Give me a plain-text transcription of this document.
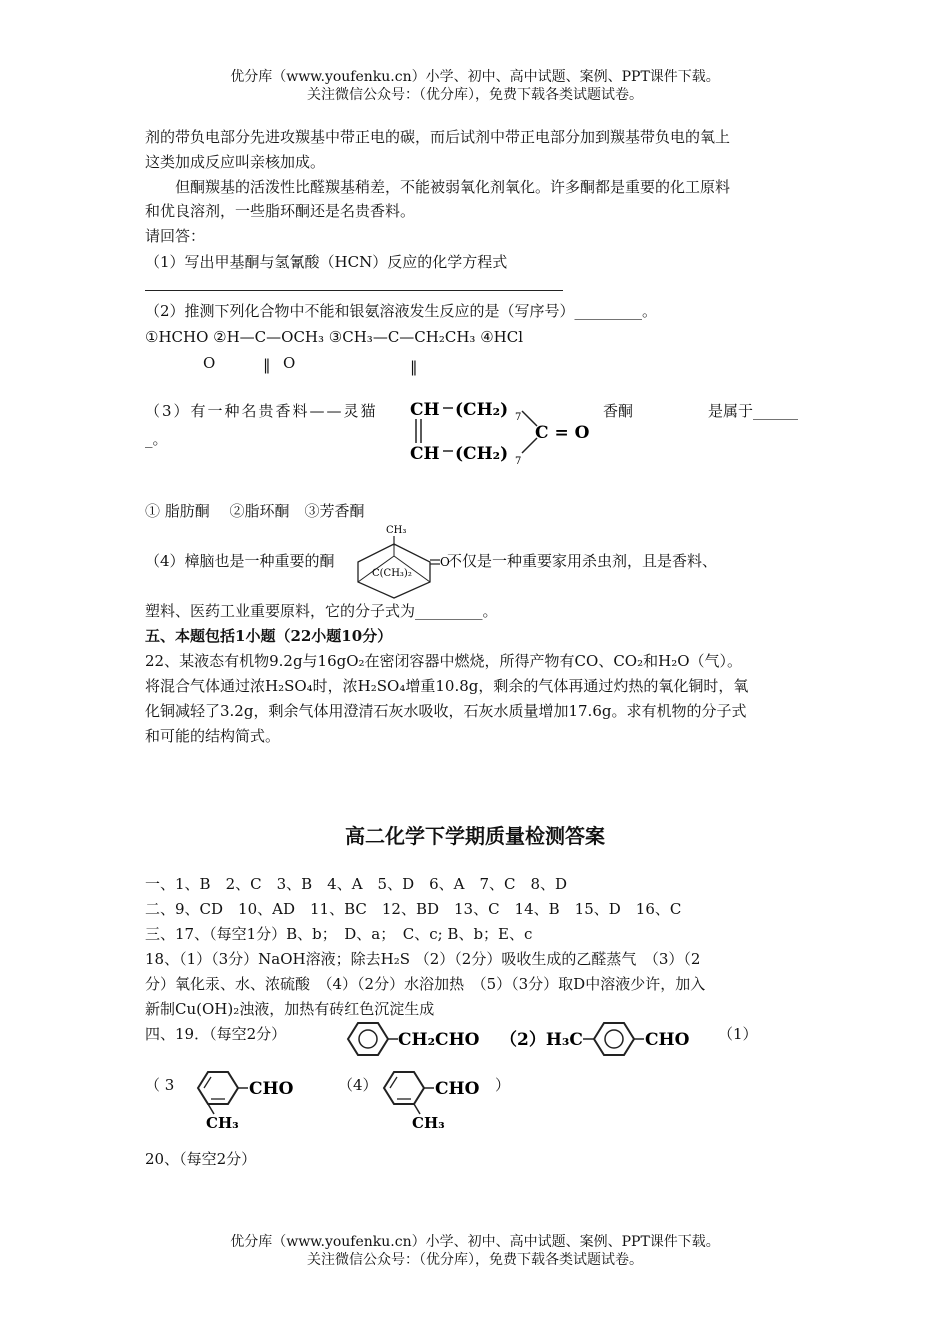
优分库（www.youfenku.cn）小学、初中、高中试题、案例、PPT课件下载。
关注微信公众号：（优分库），免费下载各类试题试卷。
剂的带负电部分先进攻羰基中带正电的碳，而后试剂中带正电部分加到羰基带负电的氧上
这类加成反应叫亲核加成。
但酮羰基的活泼性比醛羰基稍差，不能被弱氧化剂氧化。许多酮都是重要的化工原料
和优良溶剂，一些脂环酮还是名贵香料。
请回答：
（1）写出甲基酮与氢氰酸（HCN）反应的化学方程式
（2）推测下列化合物中不能和银氨溶液发生反应的是（写序号）_________。
①HCHO ②H—C—OCH₃ ③CH₃—C—CH₂CH₃ ④HCl
O	‖ O	‖
（3）有一种名贵香料——灵猫	香酮	是属于______
_。
CH (CH₂) 7
CH (CH₂) 7
C = O
① 脂肪酮　 ②脂环酮　③芳香酮
（4）樟脑也是一种重要的酮
CH₃
C(CH₃)₂
O
不仅是一种重要家用杀虫剂，且是香料、
塑料、医药工业重要原料，它的分子式为_________。
五、本题包括1小题（22小题10分）
22、某液态有机物9.2g与16gO₂在密闭容器中燃烧，所得产物有CO、CO₂和H₂O（气）。
将混合气体通过浓H₂SO₄时，浓H₂SO₄增重10.8g，剩余的气体再通过灼热的氧化铜时，氧
化铜减轻了3.2g，剩余气体用澄清石灰水吸收，石灰水质量增加17.6g。求有机物的分子式
和可能的结构简式。
高二化学下学期质量检测答案
一、1、B　2、C　3、B　4、A　5、D　6、A　7、C　8、D
二、9、CD　10、AD　11、BC　12、BD　13、C　14、B　15、D　16、C
三、17、（每空1分）B、b；　D、a；　C、c; B、b；E、c
18、（1）（3分）NaOH溶液；除去H₂S （2）（2分）吸收生成的乙醛蒸气　（3）（2
分）氧化汞、水、浓硫酸　（4）（2分）水浴加热　（5）（3分）取D中溶液少许，加入
新制Cu(OH)₂浊液，加热有砖红色沉淀生成
四、19．（每空2分）	CH₂CHO （2）H₃C	CHO （1）
（ 3	CHO
CH₃
（4）	CHO
CH₃
）
20、（每空2分）
优分库（www.youfenku.cn）小学、初中、高中试题、案例、PPT课件下载。
关注微信公众号：（优分库），免费下载各类试题试卷。
